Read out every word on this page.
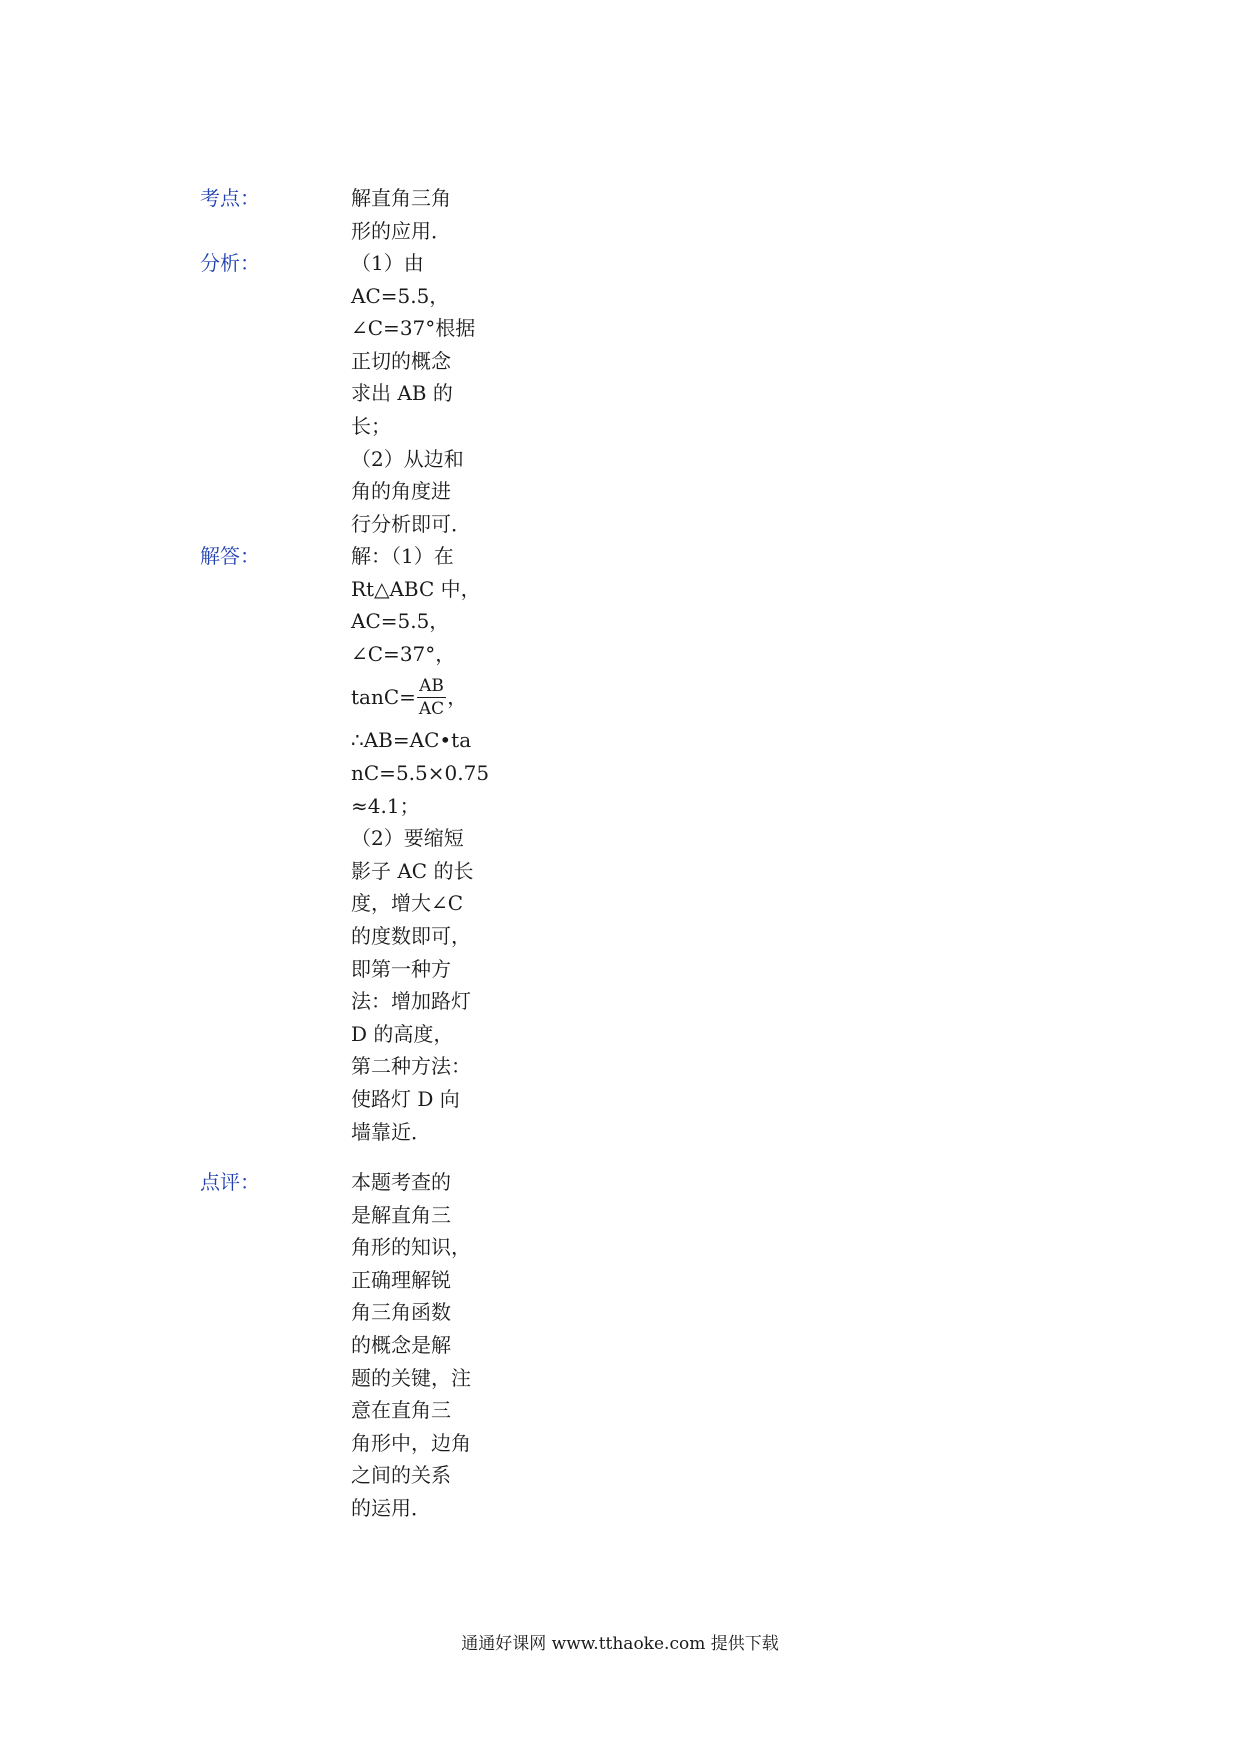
考点：	解直角三角
形的应用．
分析：	（1）由
AC=5.5，
∠C=37°根据
正切的概念
求出 AB 的
长；
（2）从边和
角的角度进
行分析即可．
解答：	解：（1）在
Rt△ABC 中，
AC=5.5，
∠C=37°，
$\tan C= \frac{AB}{AC}$ ，
∴AB=AC•ta
nC=5.5×0.75
≈4.1；
（2）要缩短
影子 AC 的长
度，增大∠C
的度数即可，
即第一种方
法：增加路灯
D 的高度，
第二种方法：
使路灯 D 向
墙靠近．
点评：	本题考查的
是解直角三
角形的知识，
正确理解锐
角三角函数
的概念是解
题的关键，注
意在直角三
角形中，边角
之间的关系
的运用．
通通好课网 www.tthaoke.com 提供下载
